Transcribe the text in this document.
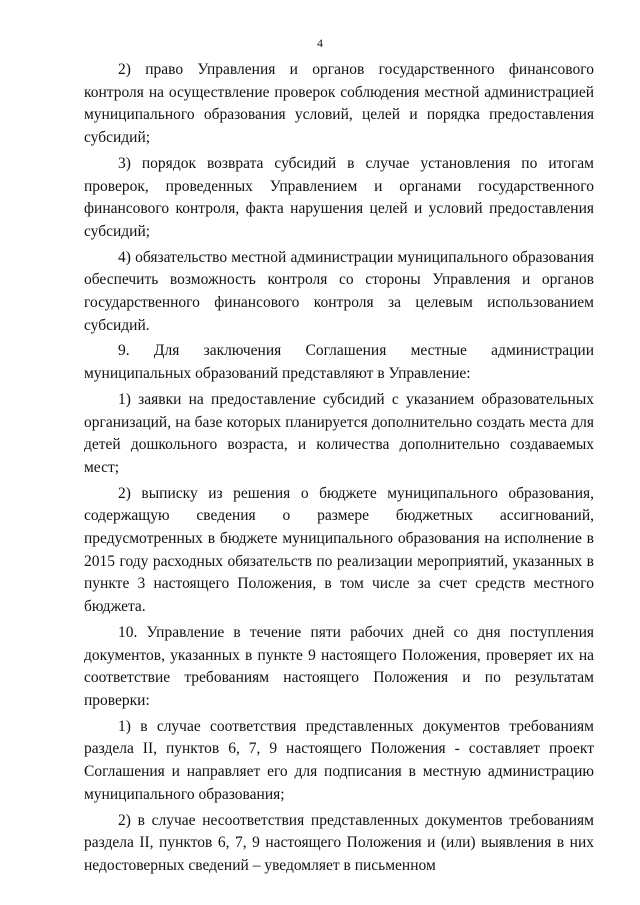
4

2) право Управления и органов государственного финансового контроля на осуществление проверок соблюдения местной администрацией муниципального образования условий, целей и порядка предоставления субсидий;

3) порядок возврата субсидий в случае установления по итогам проверок, проведенных Управлением и органами государственного финансового контроля, факта нарушения целей и условий предоставления субсидий;

4) обязательство местной администрации муниципального образования обеспечить возможность контроля со стороны Управления и органов государственного финансового контроля за целевым использованием субсидий.

9. Для заключения Соглашения местные администрации муниципальных образований представляют в Управление:

1) заявки на предоставление субсидий с указанием образовательных организаций, на базе которых планируется дополнительно создать места для детей дошкольного возраста, и количества дополнительно создаваемых мест;

2) выписку из решения о бюджете муниципального образования, содержащую сведения о размере бюджетных ассигнований, предусмотренных в бюджете муниципального образования на исполнение в 2015 году расходных обязательств по реализации мероприятий, указанных в пункте 3 настоящего Положения, в том числе за счет средств местного бюджета.

10. Управление в течение пяти рабочих дней со дня поступления документов, указанных в пункте 9 настоящего Положения, проверяет их на соответствие требованиям настоящего Положения и по результатам проверки:

1) в случае соответствия представленных документов требованиям раздела II, пунктов 6, 7, 9 настоящего Положения - составляет проект Соглашения и направляет его для подписания в местную администрацию муниципального образования;

2) в случае несоответствия представленных документов требованиям раздела II, пунктов 6, 7, 9 настоящего Положения и (или) выявления в них недостоверных сведений – уведомляет в письменном
